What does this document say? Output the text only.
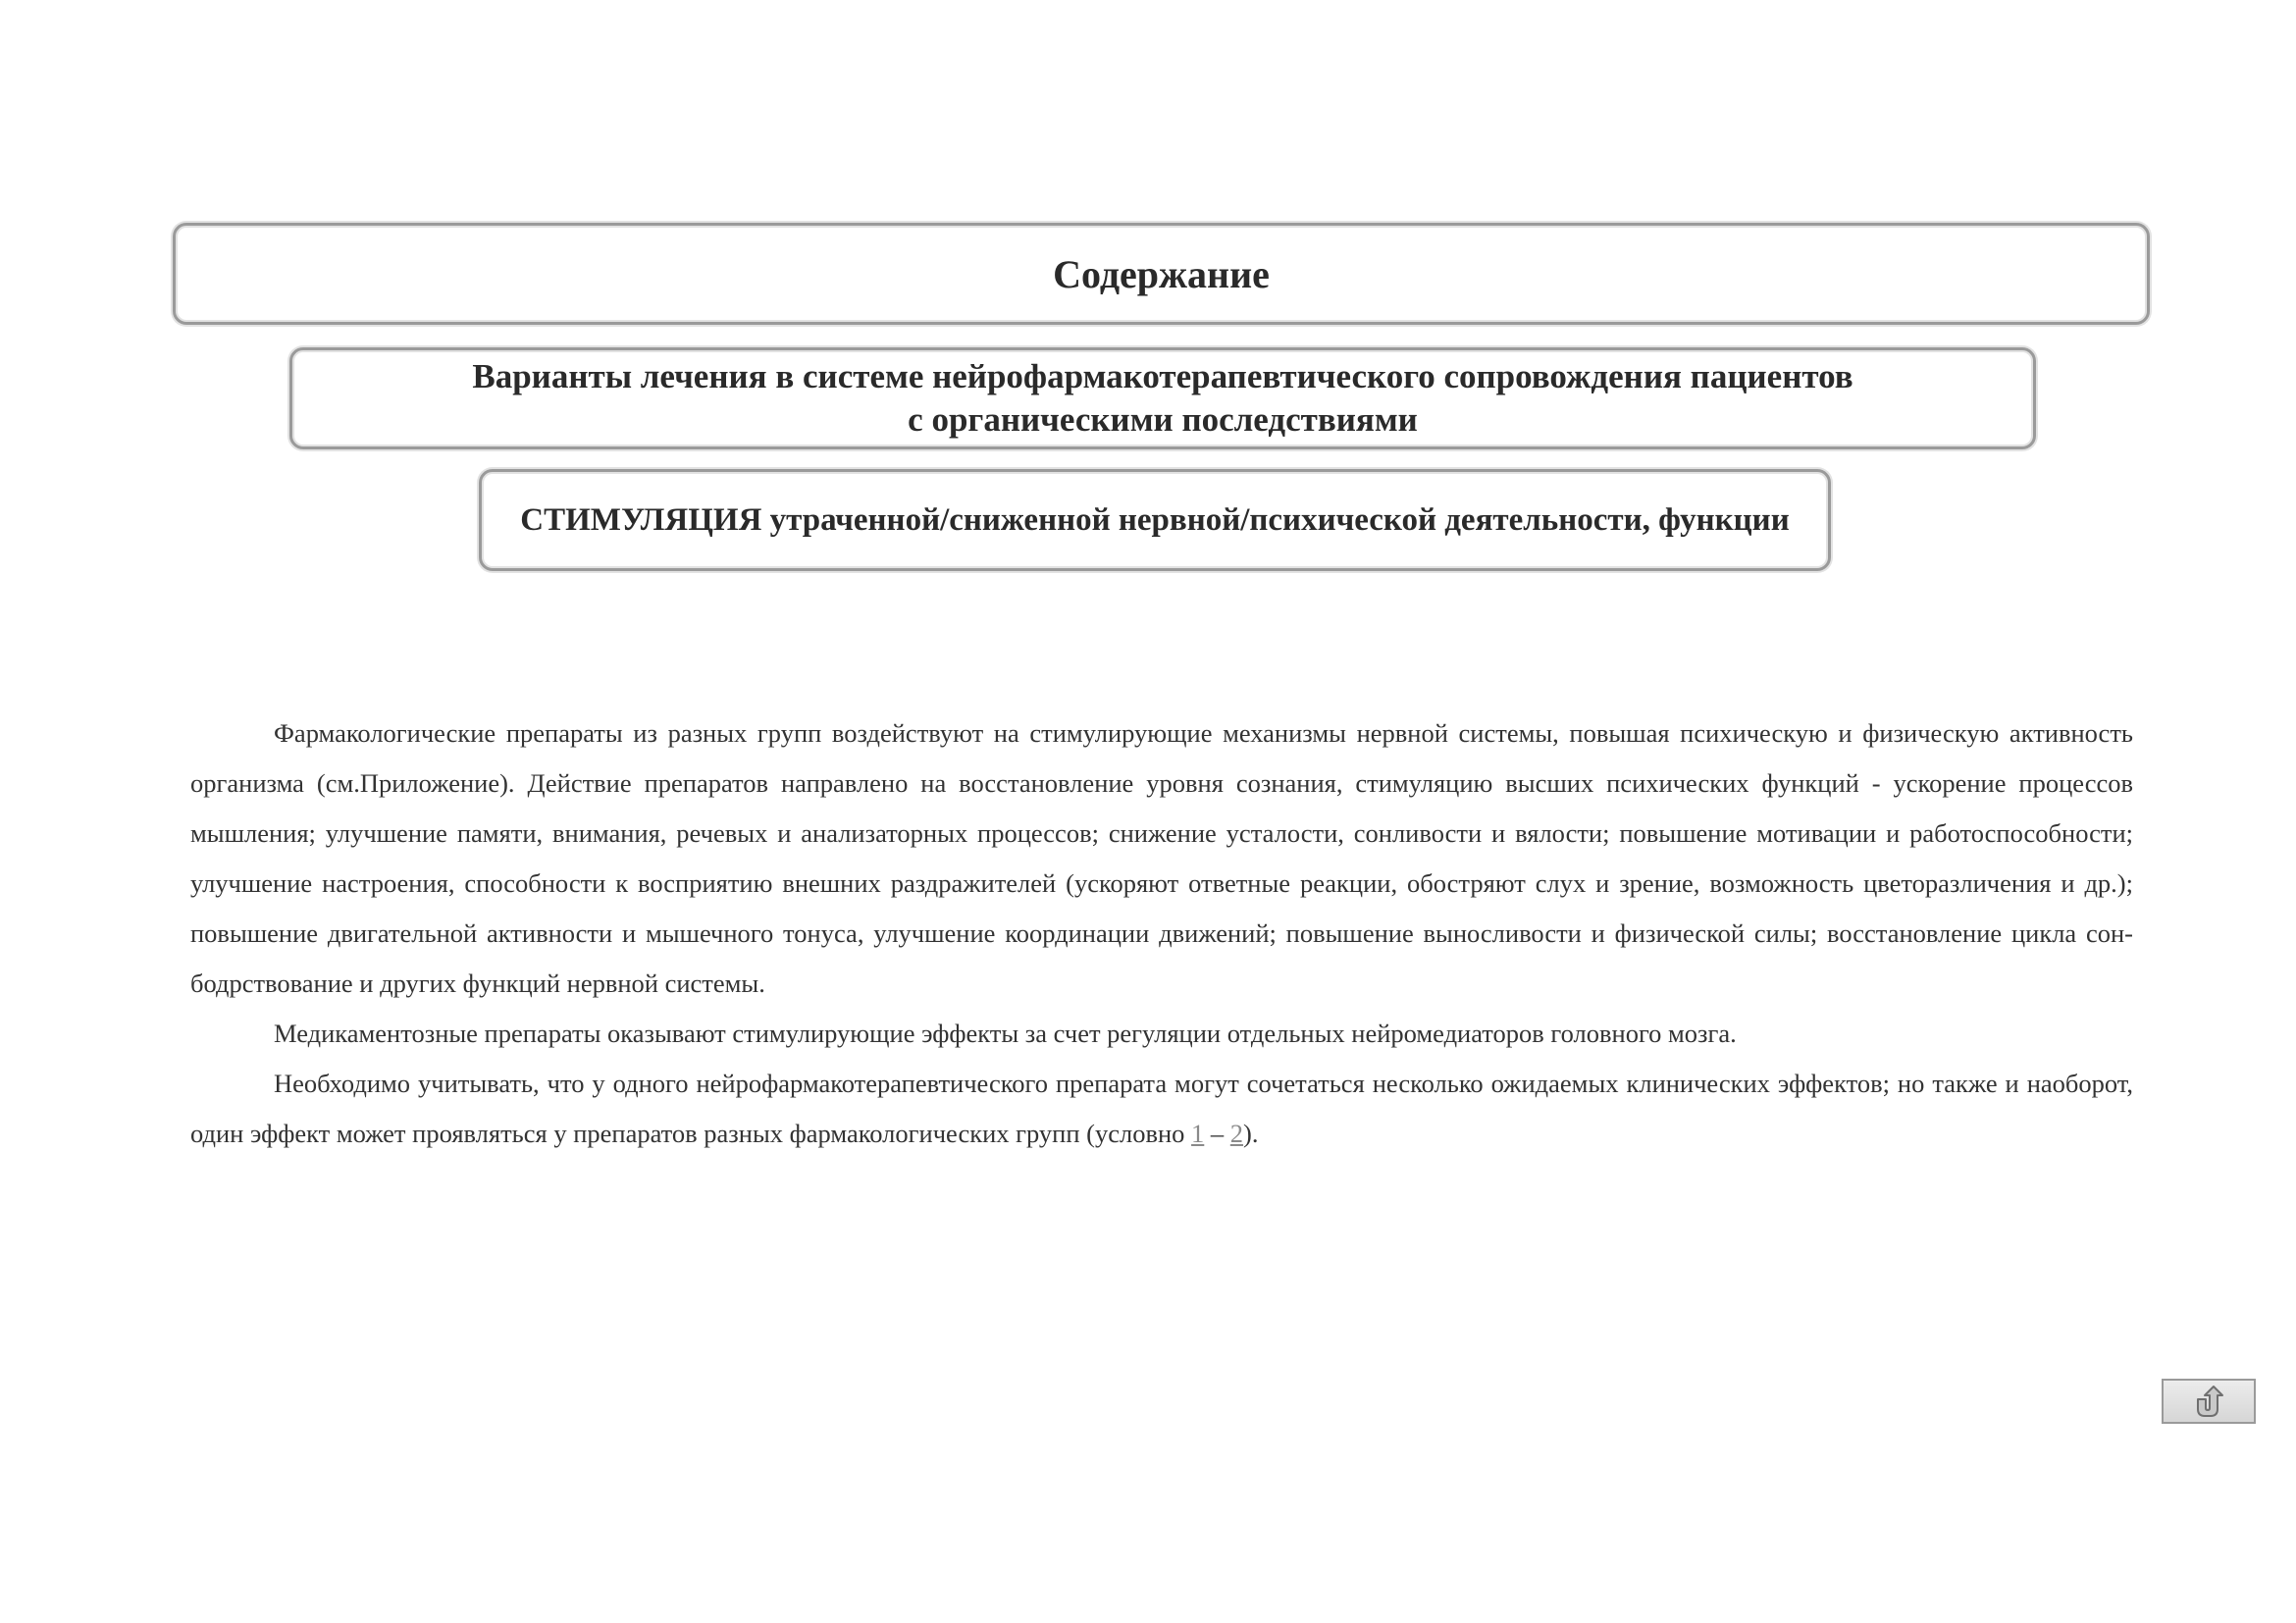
Содержание
Варианты лечения в системе нейрофармакотерапевтического сопровождения пациентов
с органическими последствиями
СТИМУЛЯЦИЯ утраченной/сниженной нервной/психической деятельности, функции

Фармакологические препараты из разных групп воздействуют на стимулирующие механизмы нервной системы, повышая психическую и физическую активность организма (см.Приложение). Действие препаратов направлено на восстановление уровня сознания, стимуляцию высших психических функций - ускорение процессов мышления; улучшение памяти, внимания, речевых и анализаторных процессов; снижение усталости, сонливости и вялости; повышение мотивации и работоспособности; улучшение настроения, способности к восприятию внешних раздражителей (ускоряют ответные реакции, обостряют слух и зрение, возможность цветоразличения и др.); повышение двигательной активности и мышечного тонуса, улучшение координации движений; повышение выносливости и физической силы; восстановление цикла сон-бодрствование и других функций нервной системы.

Медикаментозные препараты оказывают стимулирующие эффекты за счет регуляции отдельных нейромедиаторов головного мозга.

Необходимо учитывать, что у одного нейрофармакотерапевтического препарата могут сочетаться несколько ожидаемых клинических эффектов; но также и наоборот, один эффект может проявляться у препаратов разных фармакологических групп (условно 1 – 2).
